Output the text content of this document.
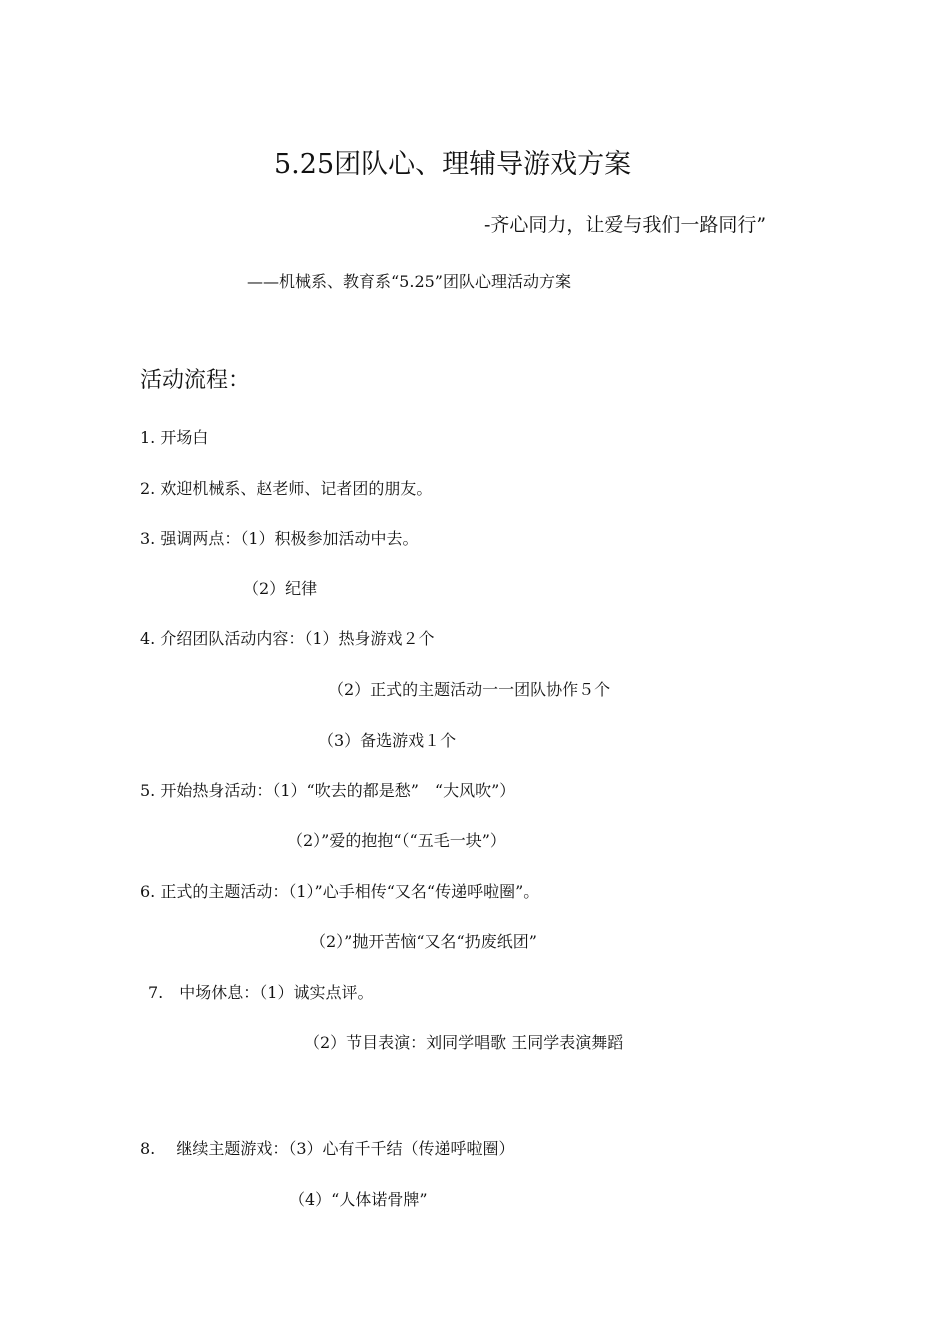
5.25团队心、理辅导游戏方案
-齐心同力，让爱与我们一路同行”
——机械系、教育系“5.25”团队心理活动方案
活动流程：
1. 开场白
2. 欢迎机械系、赵老师、记者团的朋友。
3. 强调两点：（1）积极参加活动中去。
（2）纪律
4. 介绍团队活动内容：（1）热身游戏２个
（2）正式的主题活动一一团队协作５个
（3）备选游戏１个
5. 开始热身活动：（1）“吹去的都是愁”　“大风吹”）
（2）”爱的抱抱“（“五毛一块”）
6. 正式的主题活动：（1）”心手相传“又名“传递呼啦圈”。
（2）”抛开苦恼“又名“扔废纸团”
7.　中场休息：（1）诚实点评。
（2）节目表演：刘同学唱歌 王同学表演舞蹈
8.　 继续主题游戏：（3）心有千千结（传递呼啦圈）
（4）“人体诺骨牌”
